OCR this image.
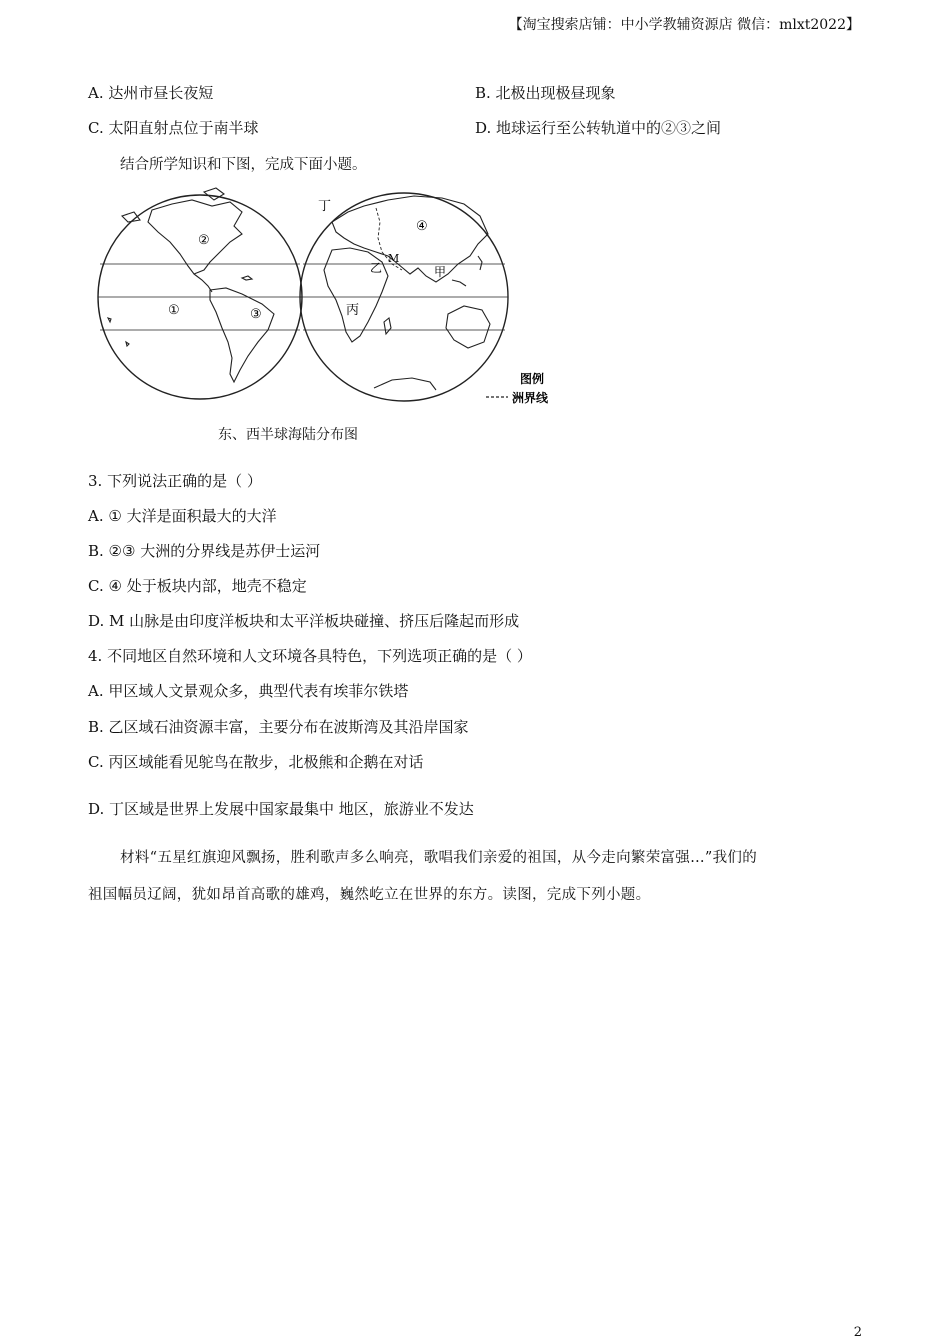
【淘宝搜索店铺：中小学教辅资源店 微信：mlxt2022】
A. 达州市昼长夜短	B. 北极出现极昼现象
C. 太阳直射点位于南半球	D. 地球运行至公转轨道中的②③之间
结合所学知识和下图，完成下面小题。
丁
④
②
M
乙	甲
①	③	丙
图例
洲界线
东、西半球海陆分布图
3. 下列说法正确的是（ ）
A. ① 大洋是面积最大的大洋
B. ②③ 大洲的分界线是苏伊士运河
C. ④ 处于板块内部，地壳不稳定
D. M 山脉是由印度洋板块和太平洋板块碰撞、挤压后隆起而形成
4. 不同地区自然环境和人文环境各具特色，下列选项正确的是（ ）
A. 甲区域人文景观众多，典型代表有埃菲尔铁塔
B. 乙区域石油资源丰富，主要分布在波斯湾及其沿岸国家
C. 丙区域能看见鸵鸟在散步，北极熊和企鹅在对话
D. 丁区域是世界上发展中国家最集中 地区，旅游业不发达
材料“五星红旗迎风飘扬，胜利歌声多么响亮，歌唱我们亲爱的祖国，从今走向繁荣富强…”我们的
祖国幅员辽阔，犹如昂首高歌的雄鸡，巍然屹立在世界的东方。读图，完成下列小题。
2
